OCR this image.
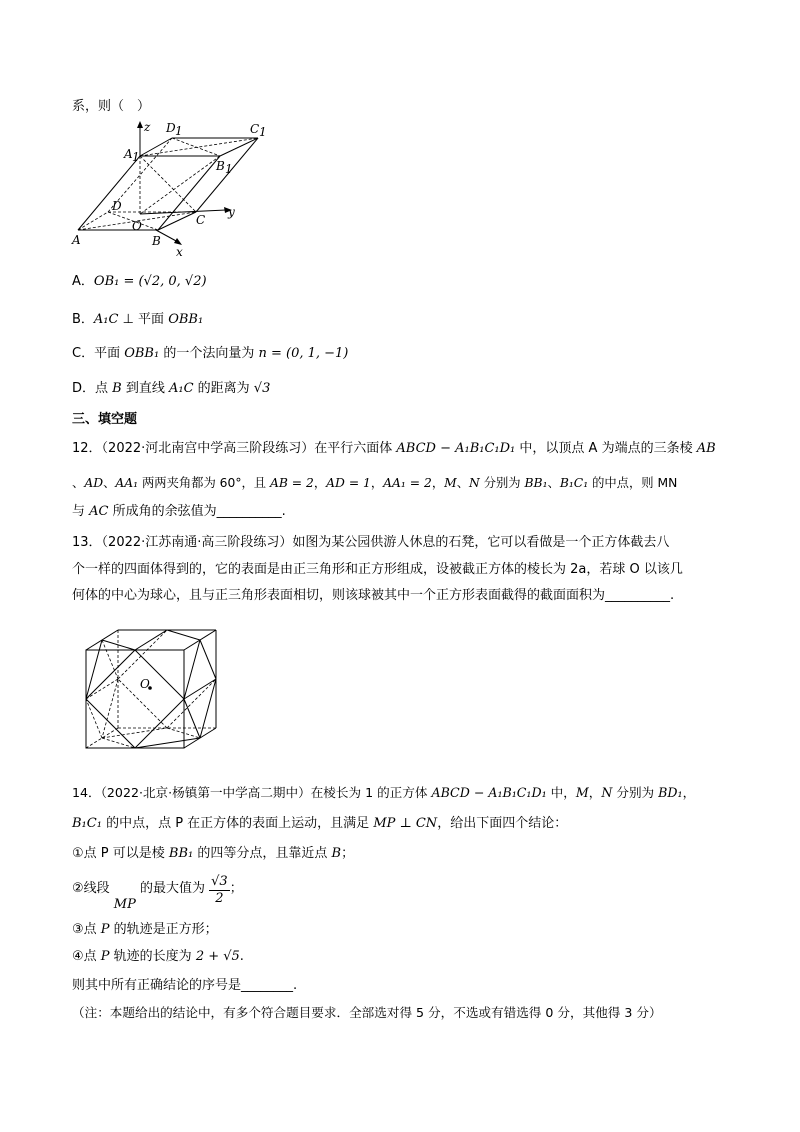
系，则（　）
z D 1	C 1
A 1
B 1
D
O	C
y
A	B
x
A．OB₁ = (√2, 0, √2)
B．A₁C ⊥ 平面 OBB₁
C．平面 OBB₁ 的一个法向量为 n = (0, 1, −1)
D．点 B 到直线 A₁C 的距离为 √3
三、填空题
12．（2022·河北南宫中学高三阶段练习）在平行六面体 ABCD − A₁B₁C₁D₁ 中，以顶点 A 为端点的三条棱 AB
、AD、AA₁ 两两夹角都为 60°，且 AB = 2，AD = 1，AA₁ = 2，M、N 分别为 BB₁、B₁C₁ 的中点，则 MN
与 AC 所成角的余弦值为__________.
13．（2022·江苏南通·高三阶段练习）如图为某公园供游人休息的石凳，它可以看做是一个正方体截去八
个一样的四面体得到的，它的表面是由正三角形和正方形组成，设被截正方体的棱长为 2a，若球 O 以该几
何体的中心为球心，且与正三角形表面相切，则该球被其中一个正方形表面截得的截面面积为__________.
O
14．（2022·北京·杨镇第一中学高二期中）在棱长为 1 的正方体 ABCD − A₁B₁C₁D₁ 中，M，N 分别为 BD₁，
B₁C₁ 的中点，点 P 在正方体的表面上运动，且满足 MP ⊥ CN，给出下面四个结论：
①点 P 可以是棱 BB₁ 的四等分点，且靠近点 B；
②线段 MP 的最大值为 $\frac{√3}{2}$ ；
③点 P 的轨迹是正方形；
④点 P 轨迹的长度为 2 + √5.
则其中所有正确结论的序号是________.
（注：本题给出的结论中，有多个符合题目要求．全部选对得 5 分，不选或有错选得 0 分，其他得 3 分）
